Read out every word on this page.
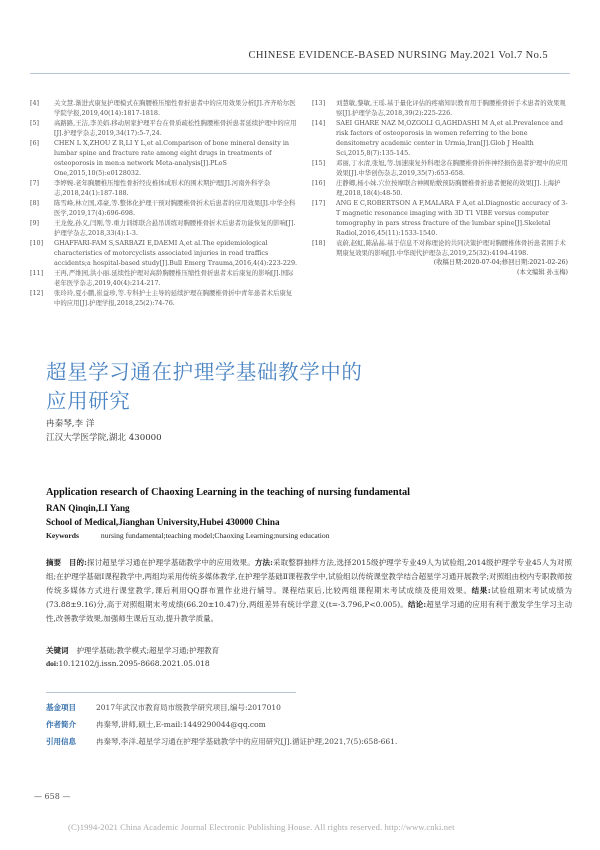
CHINESE EVIDENCE-BASED NURSING May.2021 Vol.7 No.5
[4] 关文慧.渐进式康复护理模式在胸腰椎压缩性骨折患者中的应用效果分析[J].齐齐哈尔医学院学报,2019,40(14):1817-1818.
[5] 高路路,王洁,李美娟.移动居家护理平台在骨质疏松性胸腰椎骨折患者延续护理中的应用[J].护理学杂志,2019,34(17):5-7,24.
[6] CHEN L X,ZHOU Z R,LI Y L,et al.Comparison of bone mineral density in lumbar spine and fracture rate among eight drugs in treatments of osteoporosis in men:a network Meta-analysis[J].PLoS One,2015,10(5):e0128032.
[7] 李婷婉.老年胸腰椎压缩性骨折经皮椎体成形术的围术期护理[J].河南外科学杂志,2018,24(1):187-188.
[8] 陈雪峰,林立国,邓豪,等.整体化护理干预对胸腰椎骨折术后患者的应用效果[J].中华全科医学,2019,17(4):696-698.
[9] 王龙俊,孙义,闫刚,等.重力训练联合悬吊训练对胸腰椎骨折术后患者功能恢复的影响[J].护理学杂志,2018,33(4):1-3.
[10] GHAFFARI-FAM S,SARBAZI E,DAEMI A,et al.The epidemiological characteristics of motorcyclists associated injuries in road traffics accidents;a hospital-based study[J].Bull Emerg Trauma,2016,4(4):223-229.
[11] 王再,严维园,洪小丽.延续性护理对高龄胸腰椎压缩性骨折患者术后康复的影响[J].国际老年医学杂志,2019,40(4):214-217.
[12] 张玲玲,夏小鹏,崔益珍,等.专科护士主导的延续护理在胸腰椎骨折中青年患者术后康复中的应用[J].护理学报,2018,25(2):74-76.
[13] 刘慧敏,黎敏,王瑶.基于量化评估的疼痛知识教育用于胸腰椎骨折手术患者的效果观察[J].护理学杂志,2018,39(2):225-226.
[14] SAEI GHARE NAZ M,OZGOLI G,AGHDASHI M A,et al.Prevalence and risk factors of osteoporosis in women referring to the bone densitometry academic center in Urmia,Iran[J].Glob J Health Sci,2015,8(7):135-145.
[15] 邓丽,丁水清,张旭,等.加速康复外科理念在胸腰椎骨折伴神经损伤患者护理中的应用效果[J].中华创伤杂志,2019,35(7):653-658.
[16] 庄静卿,杨小妹.穴位按摩联合神阙贴敷预防胸腰椎骨折患者便秘的效果[J].上海护理,2018,18(4):48-50.
[17] ANG E C,ROBERTSON A F,MALARA F A,et al.Diagnostic accuracy of 3-T magnetic resonance imaging with 3D T1 VIBE versus computer tomography in pars stress fracture of the lumbar spine[J].Skeletal Radiol,2016,45(11):1533-1540.
[18] 袁蔚,赵虹,陈晶晶.基于信息不对称理论的共同决策护理对胸腰椎体骨折患者围手术期康复效果的影响[J].中华现代护理杂志,2019,25(32):4194-4198.
(收稿日期:2020-07-04;修回日期:2021-02-26)
(本文编辑 孙玉梅)
超星学习通在护理学基础教学中的
应用研究
冉秦琴,李 洋
江汉大学医学院,湖北 430000
Application research of Chaoxing Learning in the teaching of nursing fundamental
RAN Qinqin,LI Yang
School of Medical,Jianghan University,Hubei 430000 China
Keywords	nursing fundamental;teaching model;Chaoxing Learning;nursing education
摘要 目的:探讨超星学习通在护理学基础教学中的应用效果。方法:采取整群抽样方法,选择2015级护理学专业49人为试验组,2014级护理学专业45人为对照组;在护理学基础Ⅰ课程教学中,两组均采用传统多媒体教学,在护理学基础Ⅱ课程教学中,试验组以传统课堂教学结合超星学习通开展教学;对照组由校内专职教师按传统多媒体方式进行课堂教学,课后利用QQ群布置作业进行辅导。课程结束后,比较两组课程期末考试成绩及使用效果。结果:试验组期末考试成绩为(73.88±9.16)分,高于对照组期末考成绩(66.20±10.47)分,两组差异有统计学意义(t=-3.796,P<0.005)。结论:超星学习通的应用有利于激发学生学习主动性,改善教学效果,加强师生课后互动,提升教学质量。
关键词 护理学基础;教学模式;超星学习通;护理教育
doi:10.12102/j.issn.2095-8668.2021.05.018
基金项目	2017年武汉市教育局市级教学研究项目,编号:2017010
作者简介	冉秦琴,讲师,硕士,E-mail:1449290044@qq.com
引用信息	冉秦琴,李洋.超星学习通在护理学基础教学中的应用研究[J].循证护理,2021,7(5):658-661.
— 658 —
(C)1994-2021 China Academic Journal Electronic Publishing House. All rights reserved. http://www.cnki.net
